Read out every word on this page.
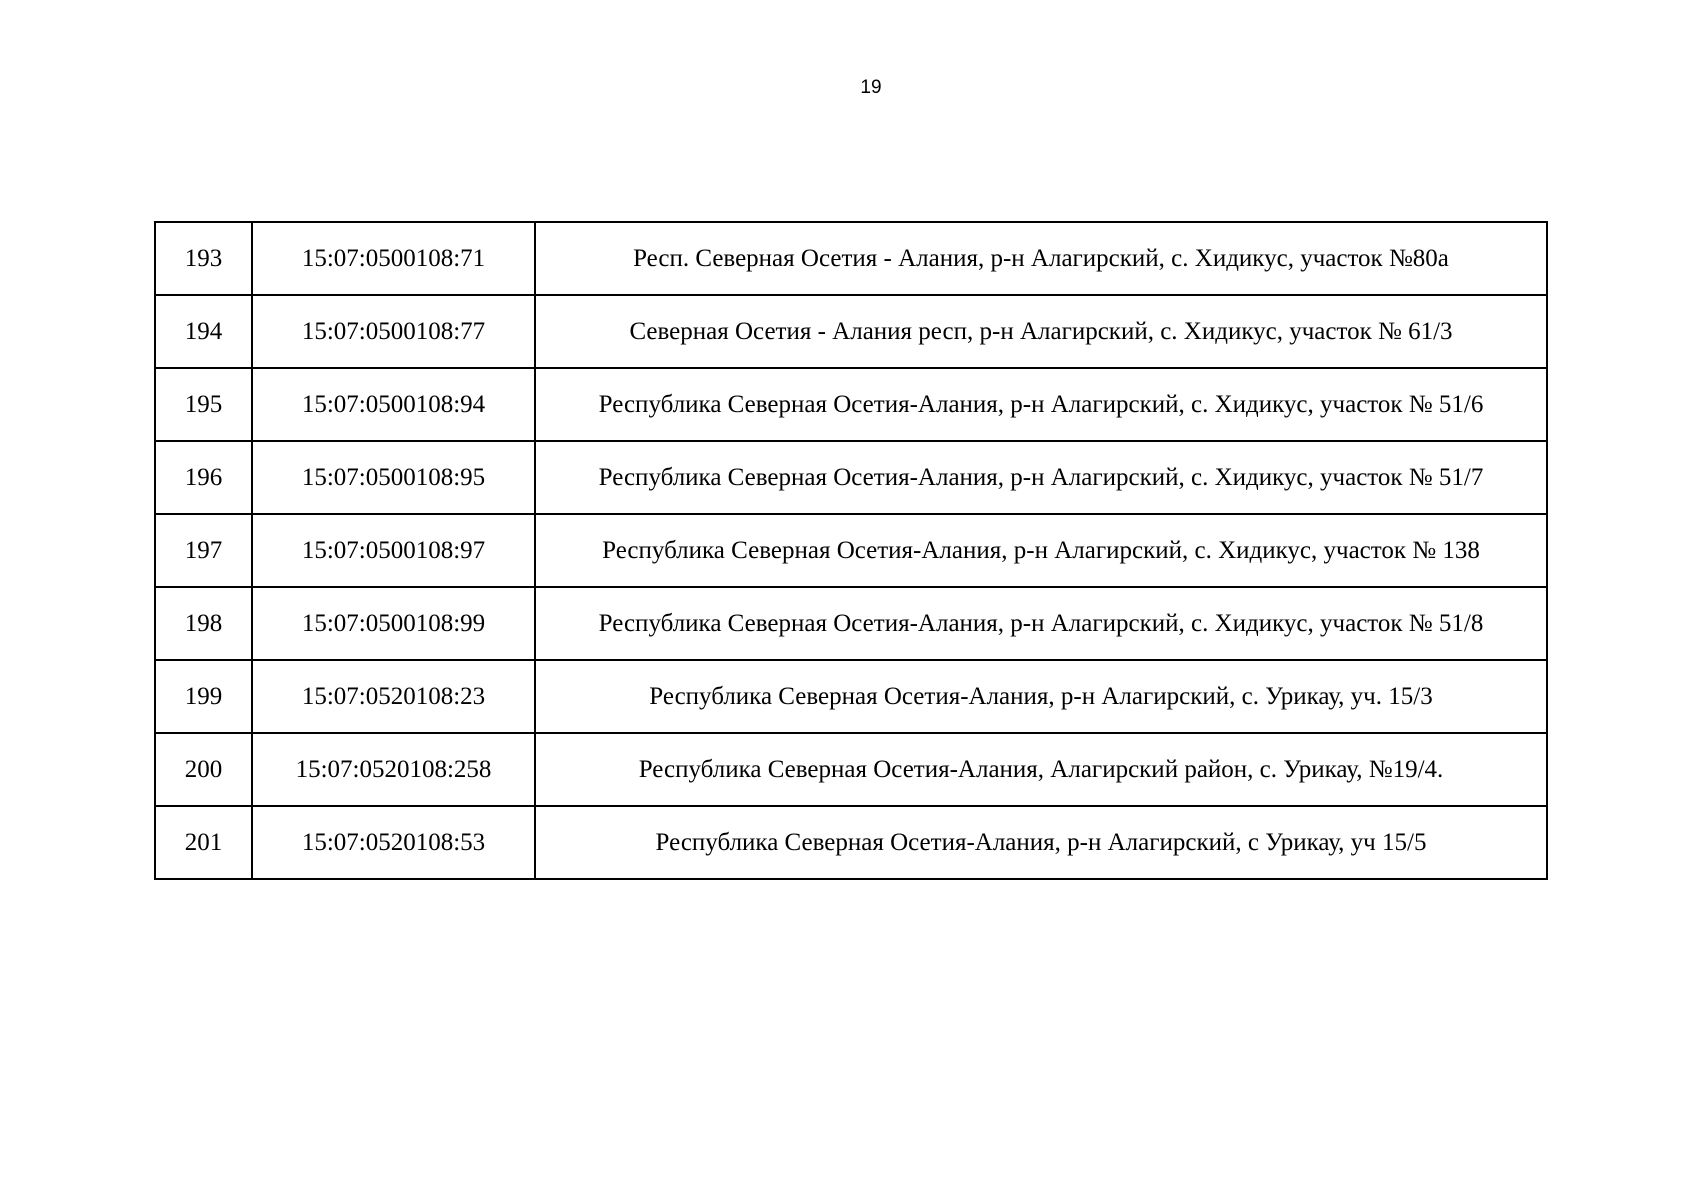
19
193	15:07:0500108:71	Респ. Северная Осетия - Алания, р-н Алагирский, с. Хидикус, участок №80а
194	15:07:0500108:77	Северная Осетия - Алания респ, р-н Алагирский, с. Хидикус, участок № 61/3
195	15:07:0500108:94	Республика Северная Осетия-Алания, р-н Алагирский, с. Хидикус, участок № 51/6
196	15:07:0500108:95	Республика Северная Осетия-Алания, р-н Алагирский, с. Хидикус, участок № 51/7
197	15:07:0500108:97	Республика Северная Осетия-Алания, р-н Алагирский, с. Хидикус, участок № 138
198	15:07:0500108:99	Республика Северная Осетия-Алания, р-н Алагирский, с. Хидикус, участок № 51/8
199	15:07:0520108:23	Республика Северная Осетия-Алания, р-н Алагирский, с. Урикау, уч. 15/3
200	15:07:0520108:258	Республика Северная Осетия-Алания, Алагирский район, с. Урикау, №19/4.
201	15:07:0520108:53	Республика Северная Осетия-Алания, р-н Алагирский, с Урикау, уч 15/5
